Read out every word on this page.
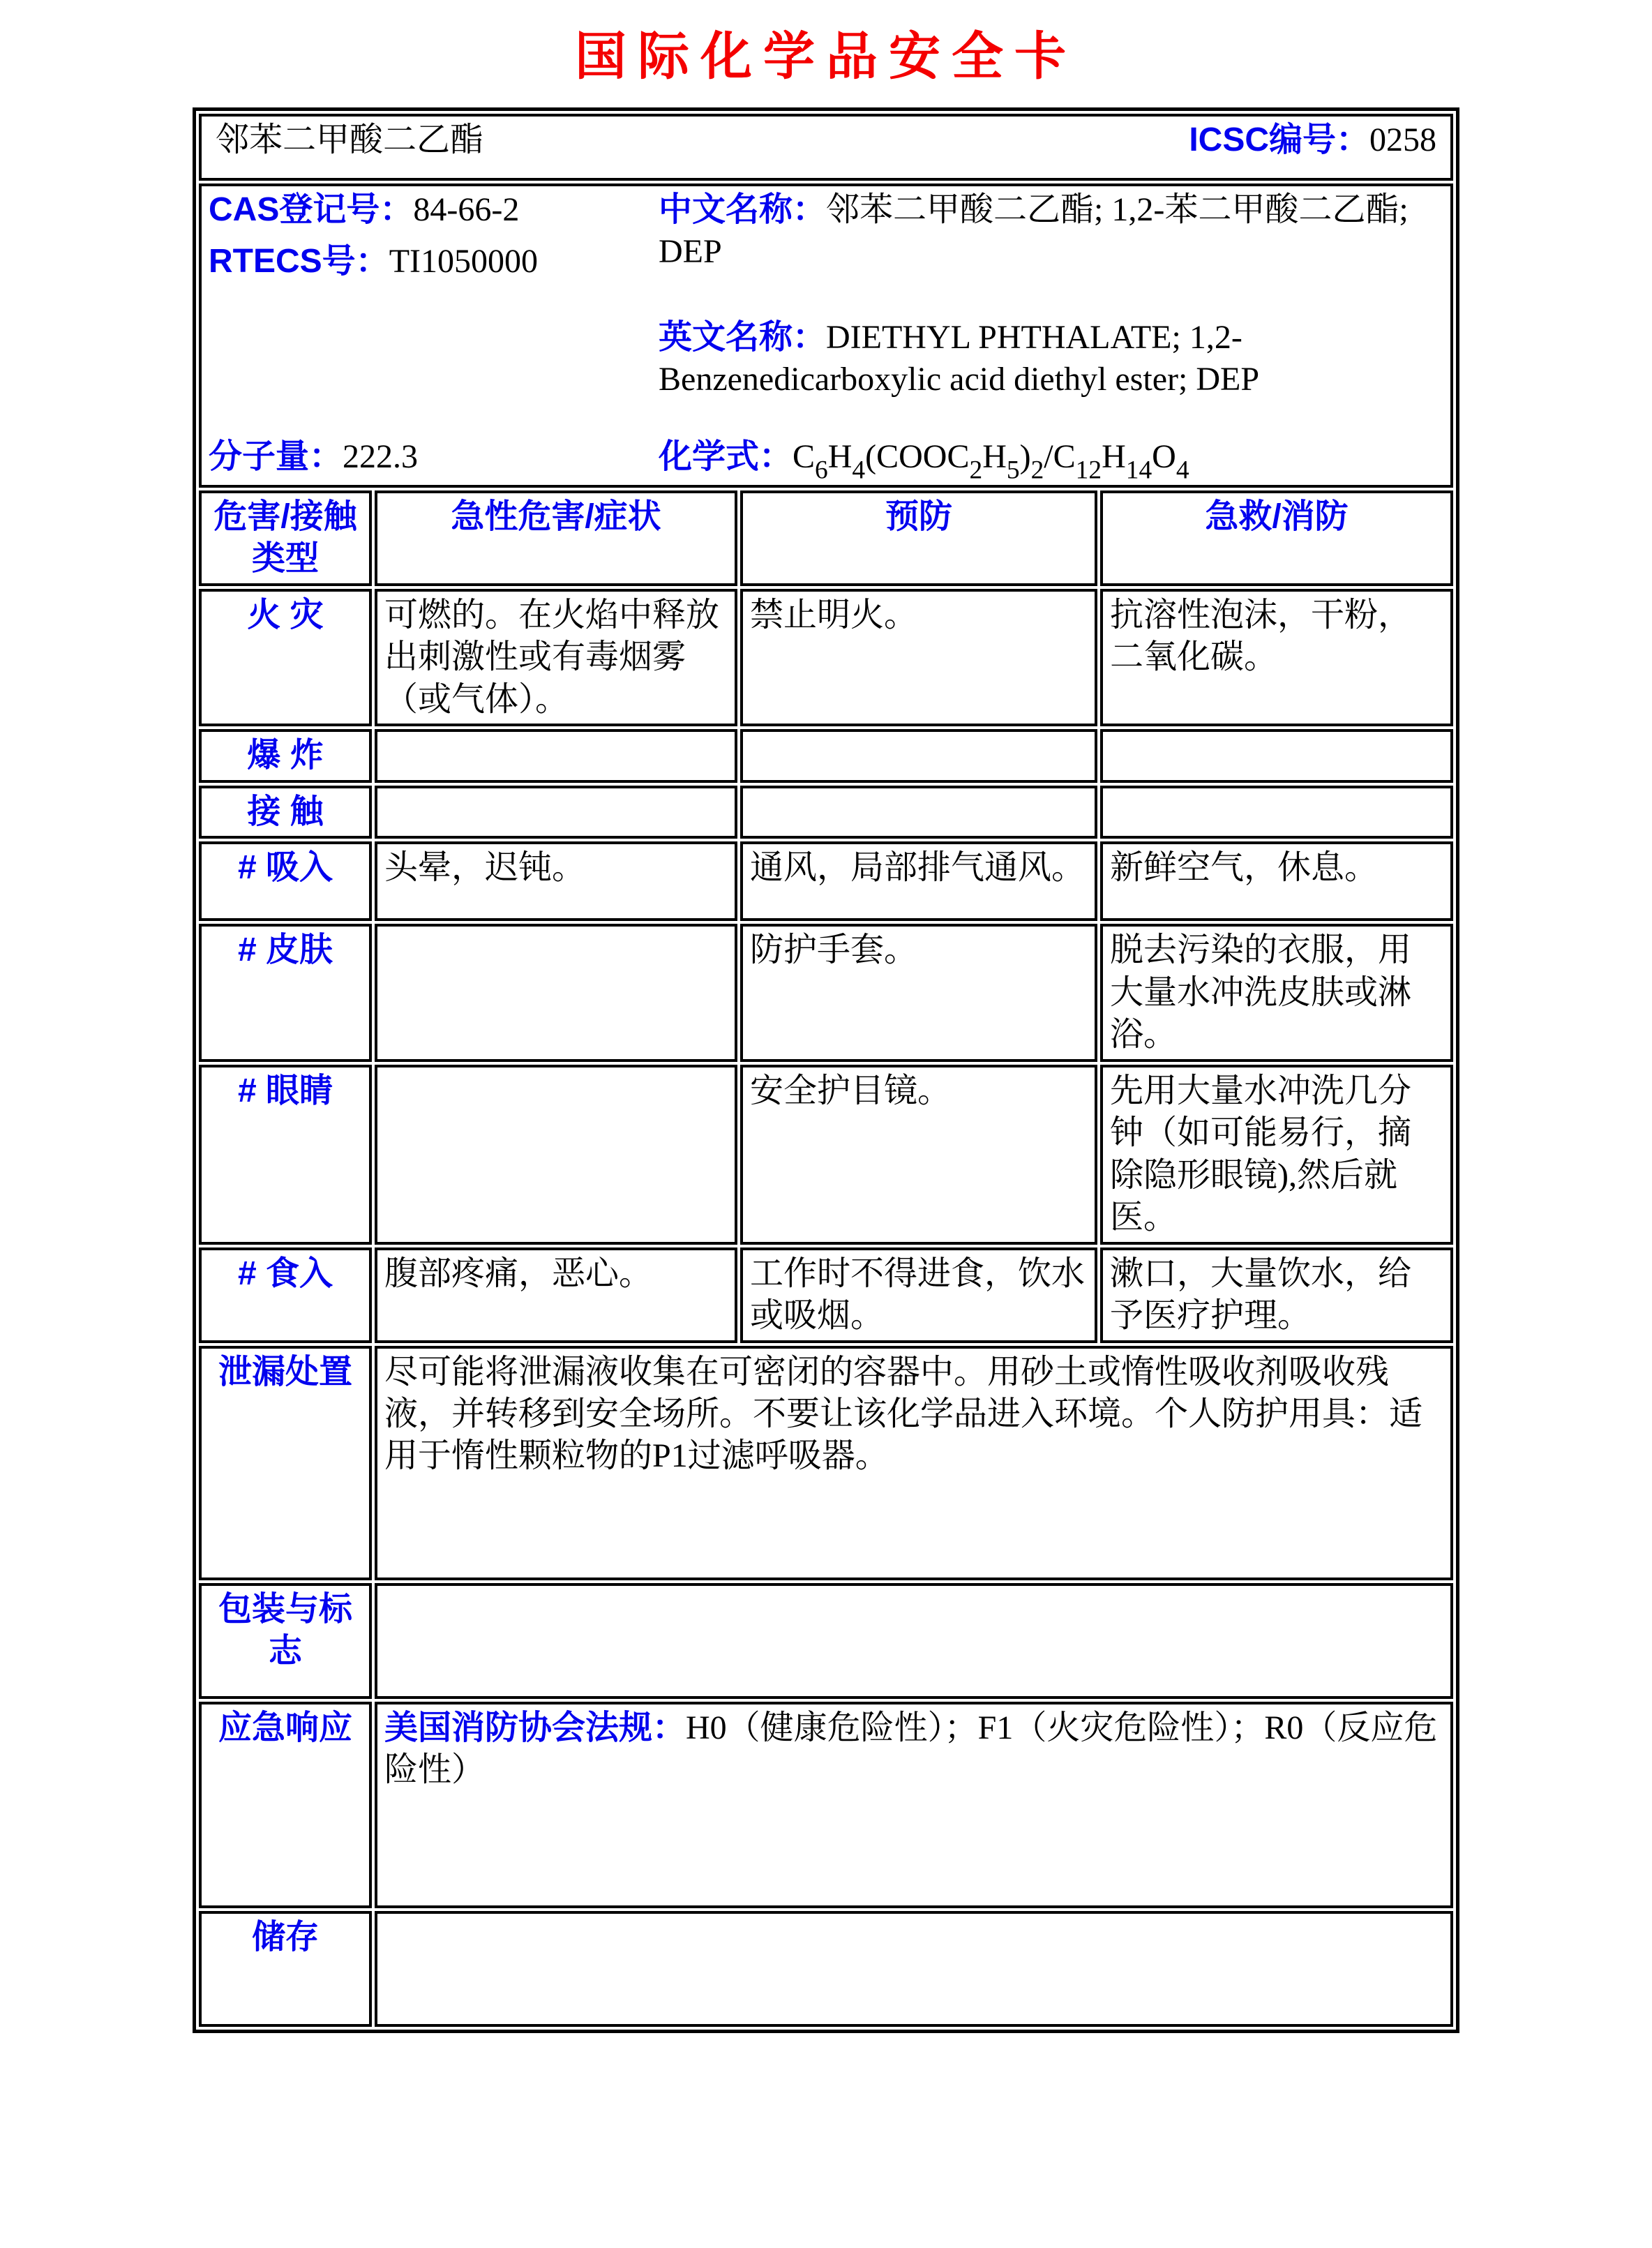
国际化学品安全卡
邻苯二甲酸二乙酯 ICSC编号：0258			

CAS登记号：84-66-2

RTECS号：TI1050000

中文名称：邻苯二甲酸二乙酯; 1,2-苯二甲酸二乙酯; DEP

英文名称：DIETHYL PHTHALATE; 1,2-Benzenedicarboxylic acid diethyl ester; DEP

分子量：222.3	化学式：$C_6H_4(COOC_2H_5)_2/C_{12}H_{14}O_4$

危害/接触类型	急性危害/症状	预防	急救/消防
火 灾	可燃的。在火焰中释放出刺激性或有毒烟雾（或气体）。	禁止明火。	抗溶性泡沫，干粉，二氧化碳。
爆 炸			
接 触			
# 吸入	头晕，迟钝。	通风，局部排气通风。	新鲜空气，休息。
# 皮肤		防护手套。	脱去污染的衣服，用大量水冲洗皮肤或淋浴。
# 眼睛		安全护目镜。	先用大量水冲洗几分钟（如可能易行，摘除隐形眼镜),然后就医。
# 食入	腹部疼痛，恶心。	工作时不得进食，饮水或吸烟。	漱口，大量饮水，给予医疗护理。
泄漏处置	尽可能将泄漏液收集在可密闭的容器中。用砂土或惰性吸收剂吸收残液，并转移到安全场所。不要让该化学品进入环境。个人防护用具：适用于惰性颗粒物的P1过滤呼吸器。		
包装与标志			
应急响应	美国消防协会法规：H0（健康危险性）；F1（火灾危险性）；R0（反应危险性）		
储存			
